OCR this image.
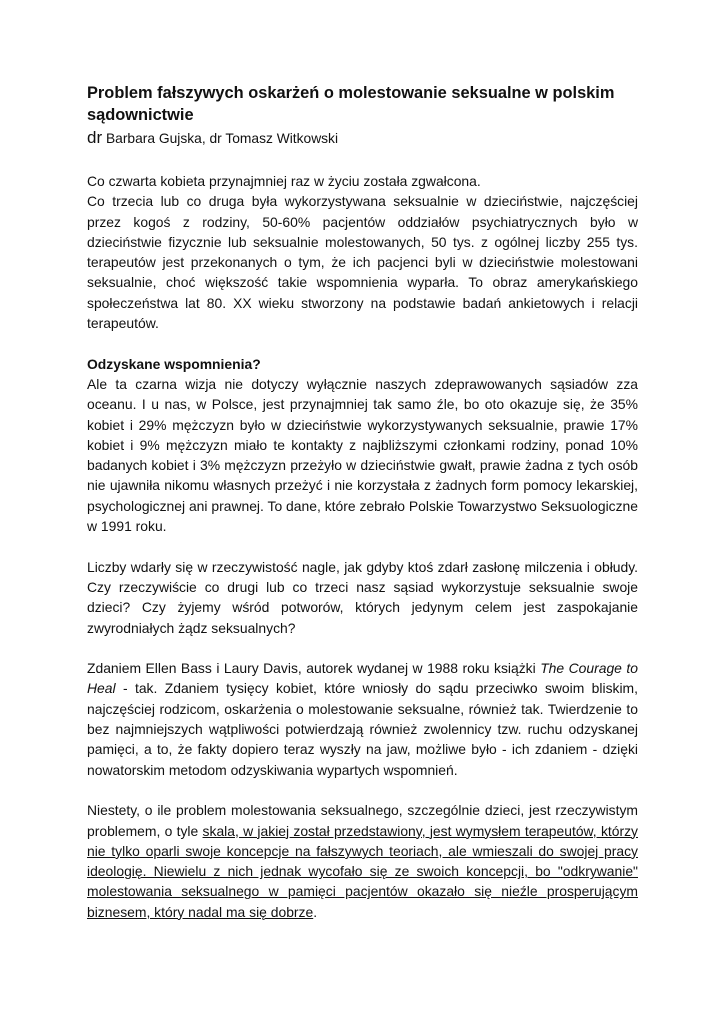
Problem fałszywych oskarżeń o molestowanie seksualne w polskim sądownictwie

dr Barbara Gujska, dr Tomasz Witkowski

Co czwarta kobieta przynajmniej raz w życiu została zgwałcona.

Co trzecia lub co druga była wykorzystywana seksualnie w dzieciństwie, najczęściej przez kogoś z rodziny, 50-60% pacjentów oddziałów psychiatrycznych było w dzieciństwie fizycznie lub seksualnie molestowanych, 50 tys. z ogólnej liczby 255 tys. terapeutów jest przekonanych o tym, że ich pacjenci byli w dzieciństwie molestowani seksualnie, choć większość takie wspomnienia wyparła. To obraz amerykańskiego społeczeństwa lat 80. XX wieku stworzony na podstawie badań ankietowych i relacji terapeutów.

Odzyskane wspomnienia?

Ale ta czarna wizja nie dotyczy wyłącznie naszych zdeprawowanych sąsiadów zza oceanu. I u nas, w Polsce, jest przynajmniej tak samo źle, bo oto okazuje się, że 35% kobiet i 29% mężczyzn było w dzieciństwie wykorzystywanych seksualnie, prawie 17% kobiet i 9% mężczyzn miało te kontakty z najbliższymi członkami rodziny, ponad 10% badanych kobiet i 3% mężczyzn przeżyło w dzieciństwie gwałt, prawie żadna z tych osób nie ujawniła nikomu własnych przeżyć i nie korzystała z żadnych form pomocy lekarskiej, psychologicznej ani prawnej. To dane, które zebrało Polskie Towarzystwo Seksuologiczne w 1991 roku.

Liczby wdarły się w rzeczywistość nagle, jak gdyby ktoś zdarł zasłonę milczenia i obłudy. Czy rzeczywiście co drugi lub co trzeci nasz sąsiad wykorzystuje seksualnie swoje dzieci? Czy żyjemy wśród potworów, których jedynym celem jest zaspokajanie zwyrodniałych żądz seksualnych?

Zdaniem Ellen Bass i Laury Davis, autorek wydanej w 1988 roku książki The Courage to Heal - tak. Zdaniem tysięcy kobiet, które wniosły do sądu przeciwko swoim bliskim, najczęściej rodzicom, oskarżenia o molestowanie seksualne, również tak. Twierdzenie to bez najmniejszych wątpliwości potwierdzają również zwolennicy tzw. ruchu odzyskanej pamięci, a to, że fakty dopiero teraz wyszły na jaw, możliwe było - ich zdaniem - dzięki nowatorskim metodom odzyskiwania wypartych wspomnień.

Niestety, o ile problem molestowania seksualnego, szczególnie dzieci, jest rzeczywistym problemem, o tyle skala, w jakiej został przedstawiony, jest wymysłem terapeutów, którzy nie tylko oparli swoje koncepcje na fałszywych teoriach, ale wmieszali do swojej pracy ideologię. Niewielu z nich jednak wycofało się ze swoich koncepcji, bo "odkrywanie" molestowania seksualnego w pamięci pacjentów okazało się nieźle prosperującym biznesem, który nadal ma się dobrze.
